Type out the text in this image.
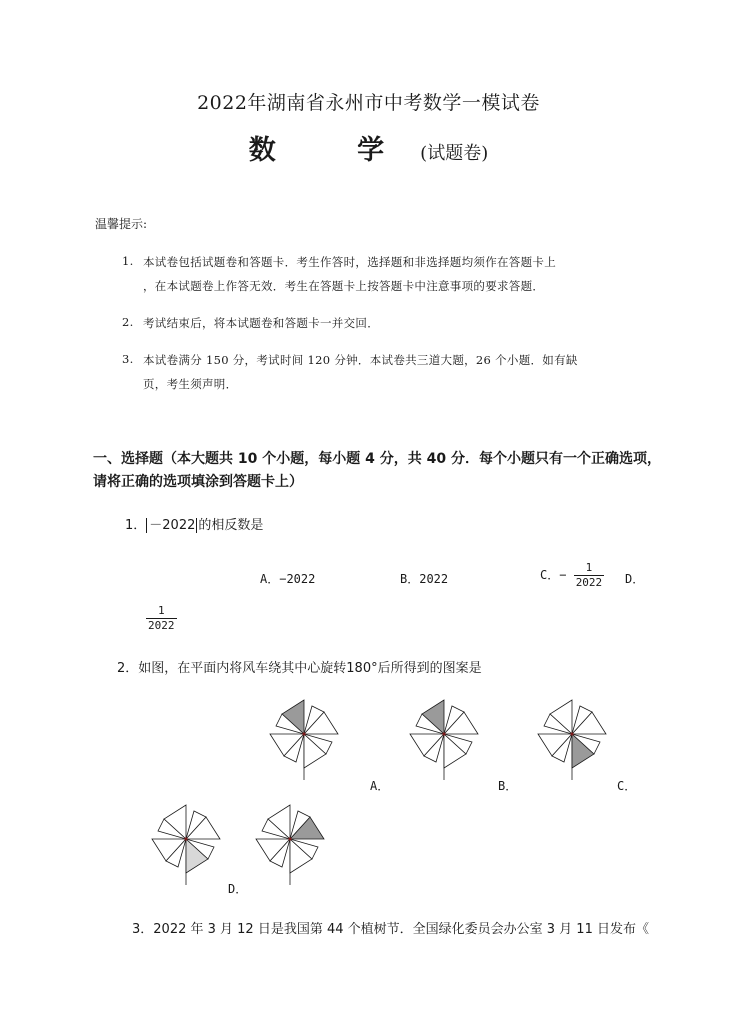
2022年湖南省永州市中考数学一模试卷
数 学(试题卷)
温馨提示:
1. 本试卷包括试题卷和答题卡．考生作答时，选择题和非选择题均须作在答题卡上
，在本试题卷上作答无效．考生在答题卡上按答题卡中注意事项的要求答题．
2. 考试结束后，将本试题卷和答题卡一并交回．
3. 本试卷满分 150 分，考试时间 120 分钟．本试卷共三道大题，26 个小题．如有缺
页，考生须声明．
一、选择题（本大题共 10 个小题，每小题 4 分，共 40 分．每个小题只有一个正确选项，
请将正确的选项填涂到答题卡上）
1． －2022 的相反数是
A．−2022	B．2022	C．− $\frac{1}{2022}$ D．
$\frac{1}{2022}$
2．如图，在平面内将风车绕其中心旋转180°后所得到的图案是
A．	B．	C．
D．
3．2022 年 3 月 12 日是我国第 44 个植树节．全国绿化委员会办公室 3 月 11 日发布《
